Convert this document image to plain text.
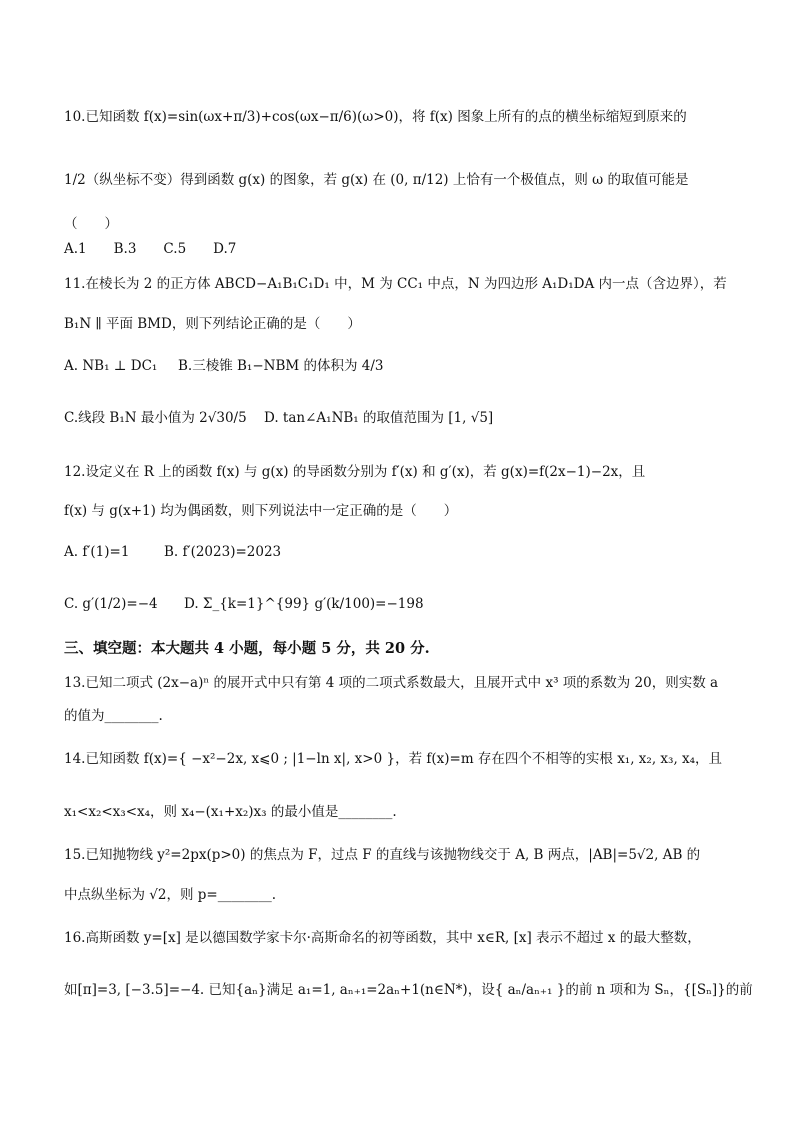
10.已知函数 f(x)=sin(ωx+π/3)+cos(ωx−π/6)(ω>0)，将 f(x) 图象上所有的点的横坐标缩短到原来的
1/2（纵坐标不变）得到函数 g(x) 的图象，若 g(x) 在 (0, π/12) 上恰有一个极值点，则 ω 的取值可能是
（　　）
A.1　　B.3　　C.5　　D.7
11.在棱长为 2 的正方体 ABCD−A₁B₁C₁D₁ 中，M 为 CC₁ 中点，N 为四边形 A₁D₁DA 内一点（含边界），若
B₁N ∥ 平面 BMD，则下列结论正确的是（　　）
A. NB₁ ⊥ DC₁ B.三棱锥 B₁−NBM 的体积为 4/3
C.线段 B₁N 最小值为 2√30/5 D. tan∠A₁NB₁ 的取值范围为 [1, √5]
12.设定义在 R 上的函数 f(x) 与 g(x) 的导函数分别为 f′(x) 和 g′(x)，若 g(x)=f(2x−1)−2x，且
f(x) 与 g(x+1) 均为偶函数，则下列说法中一定正确的是（　　）
A. f′(1)=1	B. f′(2023)=2023
C. g′(1/2)=−4 D. Σ_{k=1}^{99} g′(k/100)=−198
三、填空题：本大题共 4 小题，每小题 5 分，共 20 分.
13.已知二项式 (2x−a)ⁿ 的展开式中只有第 4 项的二项式系数最大，且展开式中 x³ 项的系数为 20，则实数 a
的值为________.
14.已知函数 f(x)={ −x²−2x, x⩽0 ; |1−ln x|, x>0 }，若 f(x)=m 存在四个不相等的实根 x₁, x₂, x₃, x₄，且
x₁<x₂<x₃<x₄，则 x₄−(x₁+x₂)x₃ 的最小值是________.
15.已知抛物线 y²=2px(p>0) 的焦点为 F，过点 F 的直线与该抛物线交于 A, B 两点，|AB|=5√2, AB 的
中点纵坐标为 √2，则 p=________.
16.高斯函数 y=[x] 是以德国数学家卡尔·高斯命名的初等函数，其中 x∈R, [x] 表示不超过 x 的最大整数，
如[π]=3, [−3.5]=−4. 已知{aₙ}满足 a₁=1, aₙ₊₁=2aₙ+1(n∈N*)，设{ aₙ/aₙ₊₁ }的前 n 项和为 Sₙ，{[Sₙ]}的前
